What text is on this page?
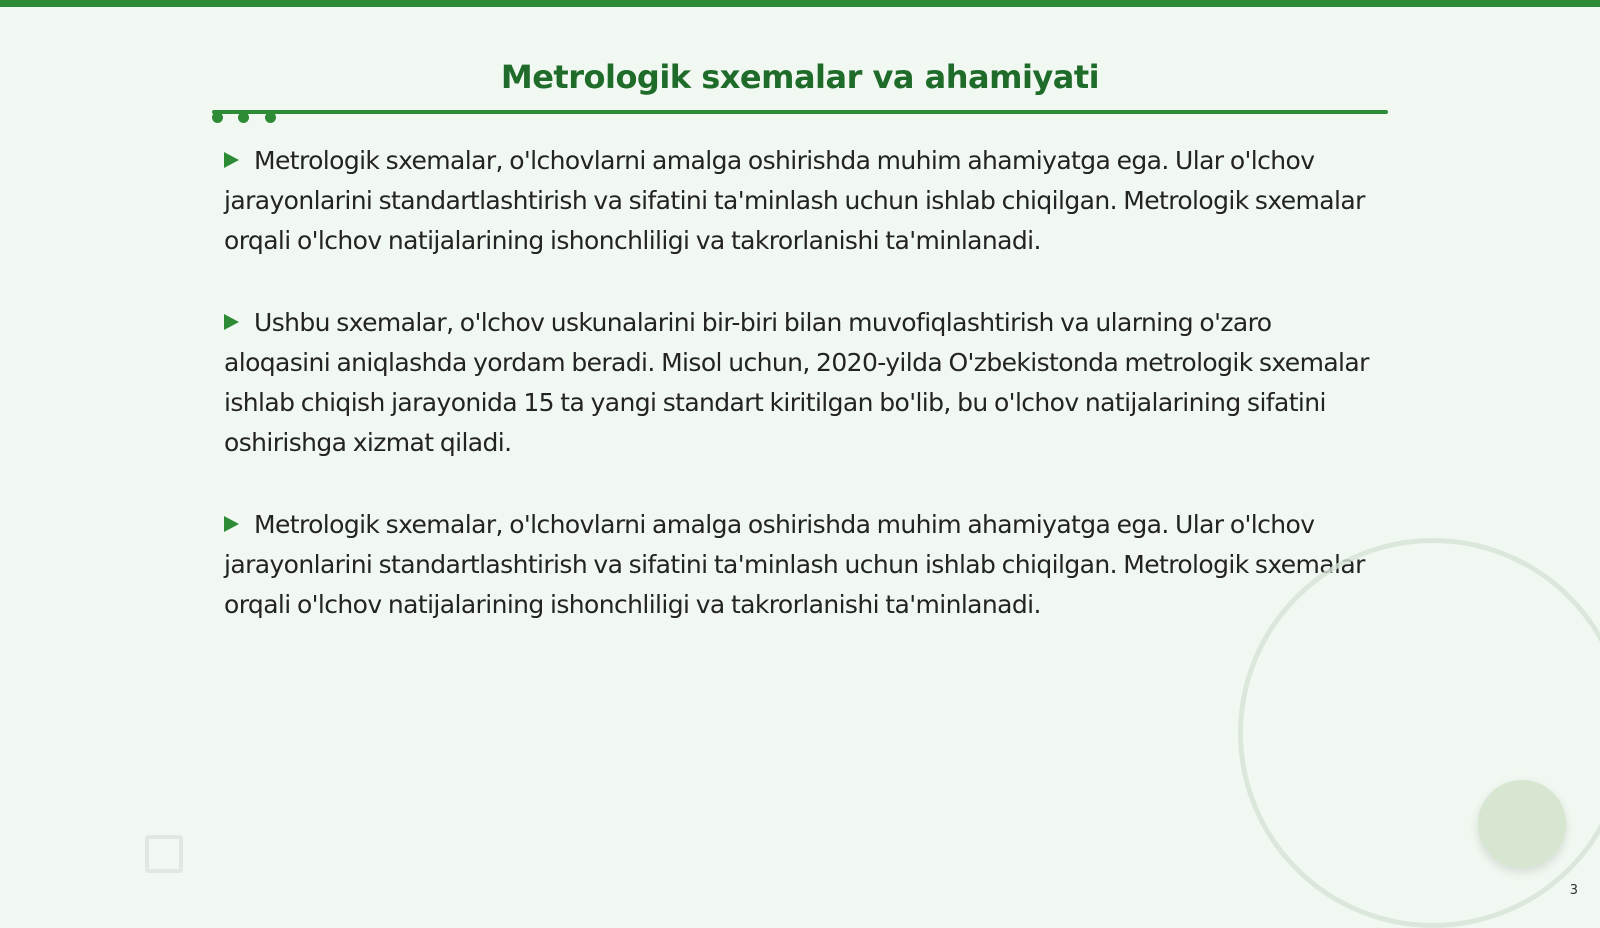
Metrologik sxemalar va ahamiyati

Metrologik sxemalar, o'lchovlarni amalga oshirishda muhim ahamiyatga ega. Ular o'lchov jarayonlarini standartlashtirish va sifatini ta'minlash uchun ishlab chiqilgan. Metrologik sxemalar orqali o'lchov natijalarining ishonchliligi va takrorlanishi ta'minlanadi.

Ushbu sxemalar, o'lchov uskunalarini bir-biri bilan muvofiqlashtirish va ularning o'zaro aloqasini aniqlashda yordam beradi. Misol uchun, 2020-yilda O'zbekistonda metrologik sxemalar ishlab chiqish jarayonida 15 ta yangi standart kiritilgan bo'lib, bu o'lchov natijalarining sifatini oshirishga xizmat qiladi.

Metrologik sxemalar, o'lchovlarni amalga oshirishda muhim ahamiyatga ega. Ular o'lchov jarayonlarini standartlashtirish va sifatini ta'minlash uchun ishlab chiqilgan. Metrologik sxemalar orqali o'lchov natijalarining ishonchliligi va takrorlanishi ta'minlanadi.

3
